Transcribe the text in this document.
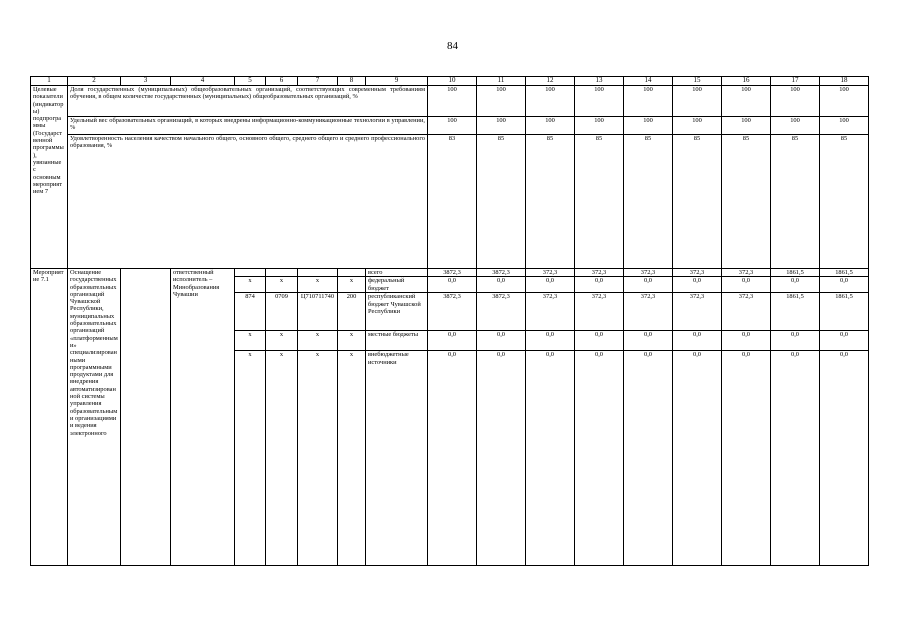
84
1	2	3	4	5	6	7	8	9	10	11	12	13	14	15	16	17	18
Целевые показатели (индикаторы) подпрограммы (Государственной программы), увязанные с основным мероприятием 7	Доля государственных (муниципальных) общеобразовательных организаций, соответствующих современным требованиям обучения, в общем количестве государственных (муниципальных) общеобразовательных организаций, %								100	100	100	100	100	100	100	100	100
	Удельный вес образовательных организаций, в которых внедрены информационно-коммуникационные технологии в управлении, %								100	100	100	100	100	100	100	100	100
	Удовлетворенность населения качеством начального общего, основного общего, среднего общего и среднего профессионального образования, %								83	85	85	85	85	85	85	85	85
Мероприятие 7.1	Оснащение государственных образовательных организаций Чувашской Республики, муниципальных образовательных организаций «платформенными» специализированными программными продуктами для внедрения автоматизированной системы управления образовательными организациями и ведения электронного		ответственный исполнитель – Минобразования Чувашии					всего	3872,3	3872,3	372,3	372,3	372,3	372,3	372,3	1861,5	1861,5
				x	x	x	x	федеральный бюджет	0,0	0,0	0,0	0,0	0,0	0,0	0,0	0,0	0,0
				874	0709	Ц710711740	200	республиканский бюджет Чувашской Республики	3872,3	3872,3	372,3	372,3	372,3	372,3	372,3	1861,5	1861,5
				x	x	x	x	местные бюджеты	0,0	0,0	0,0	0,0	0,0	0,0	0,0	0,0	0,0
				x	x	x	x	внебюджетные источники	0,0	0,0	0,0	0,0	0,0	0,0	0,0	0,0	0,0
